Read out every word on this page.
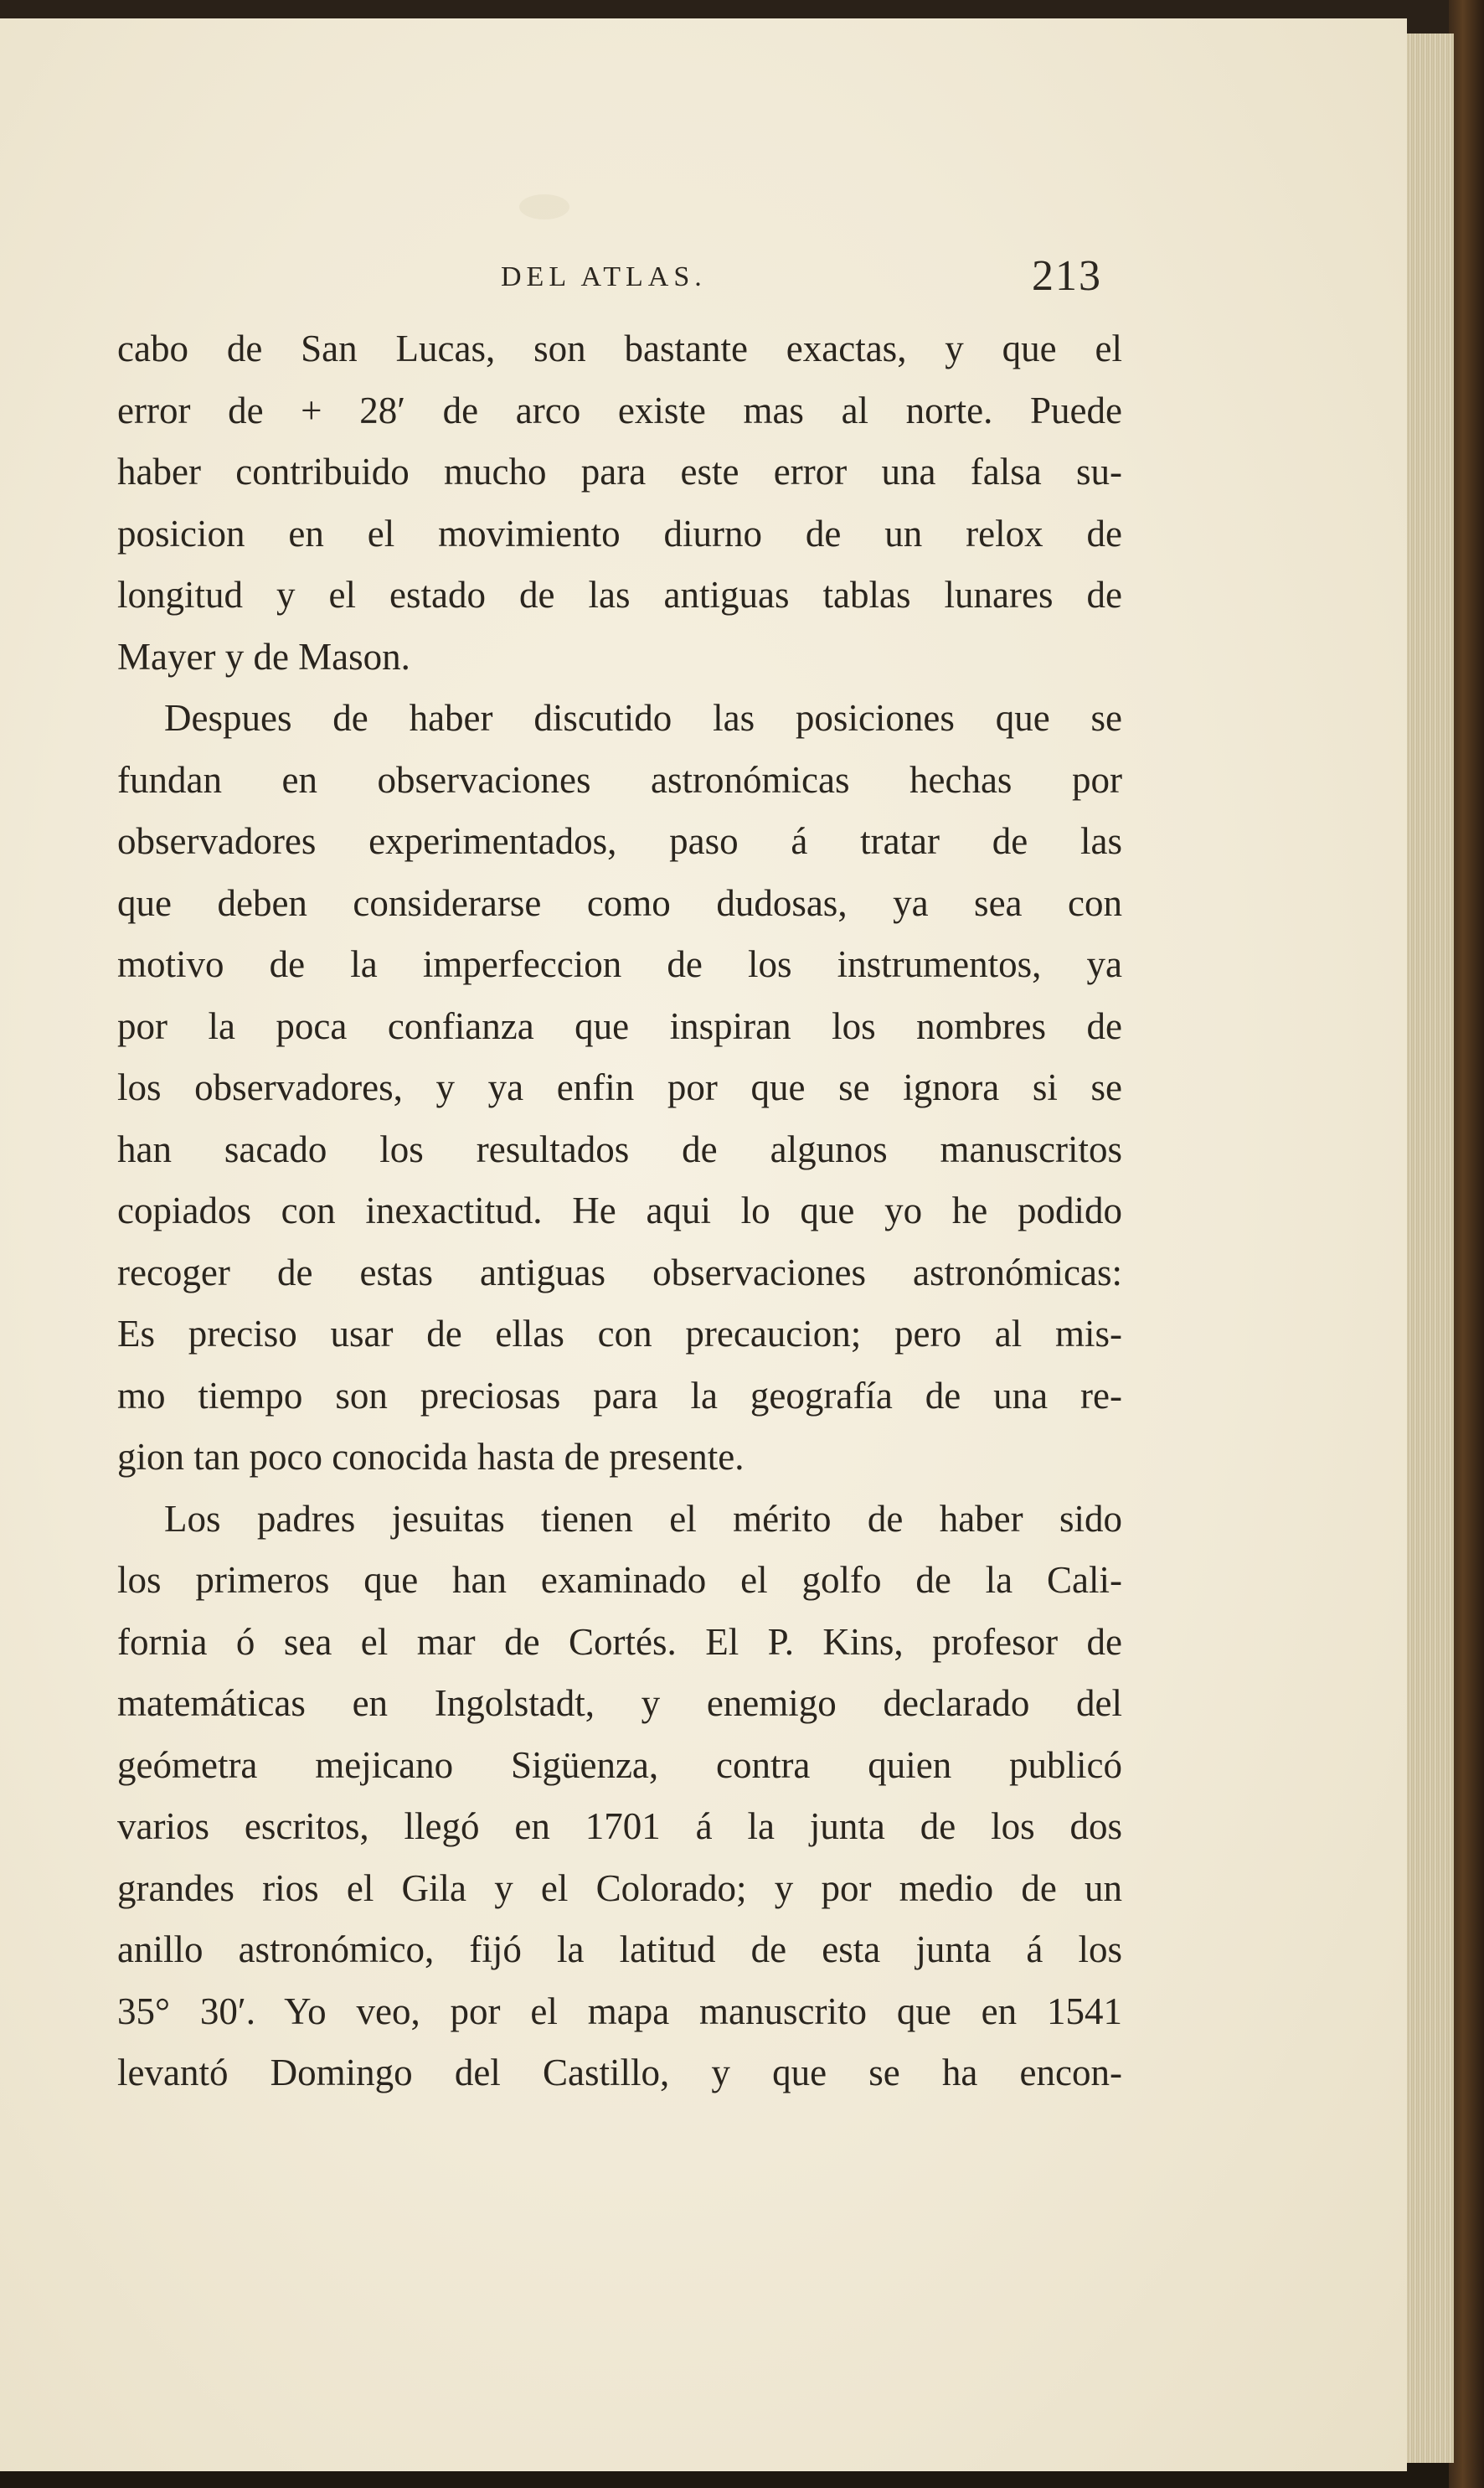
DEL ATLAS.	213
cabo de San Lucas, son bastante exactas, y que el
error de + 28′ de arco existe mas al norte. Puede
haber contribuido mucho para este error una falsa su-
posicion en el movimiento diurno de un relox de
longitud y el estado de las antiguas tablas lunares de
Mayer y de Mason.
Despues de haber discutido las posiciones que se
fundan en observaciones astronómicas hechas por
observadores experimentados, paso á tratar de las
que deben considerarse como dudosas, ya sea con
motivo de la imperfeccion de los instrumentos, ya
por la poca confianza que inspiran los nombres de
los observadores, y ya enfin por que se ignora si se
han sacado los resultados de algunos manuscritos
copiados con inexactitud. He aqui lo que yo he podido
recoger de estas antiguas observaciones astronómicas:
Es preciso usar de ellas con precaucion; pero al mis-
mo tiempo son preciosas para la geografía de una re-
gion tan poco conocida hasta de presente.
Los padres jesuitas tienen el mérito de haber sido
los primeros que han examinado el golfo de la Cali-
fornia ó sea el mar de Cortés. El P. Kins, profesor de
matemáticas en Ingolstadt, y enemigo declarado del
geómetra mejicano Sigüenza, contra quien publicó
varios escritos, llegó en 1701 á la junta de los dos
grandes rios el Gila y el Colorado; y por medio de un
anillo astronómico, fijó la latitud de esta junta á los
35° 30′. Yo veo, por el mapa manuscrito que en 1541
levantó Domingo del Castillo, y que se ha encon-
